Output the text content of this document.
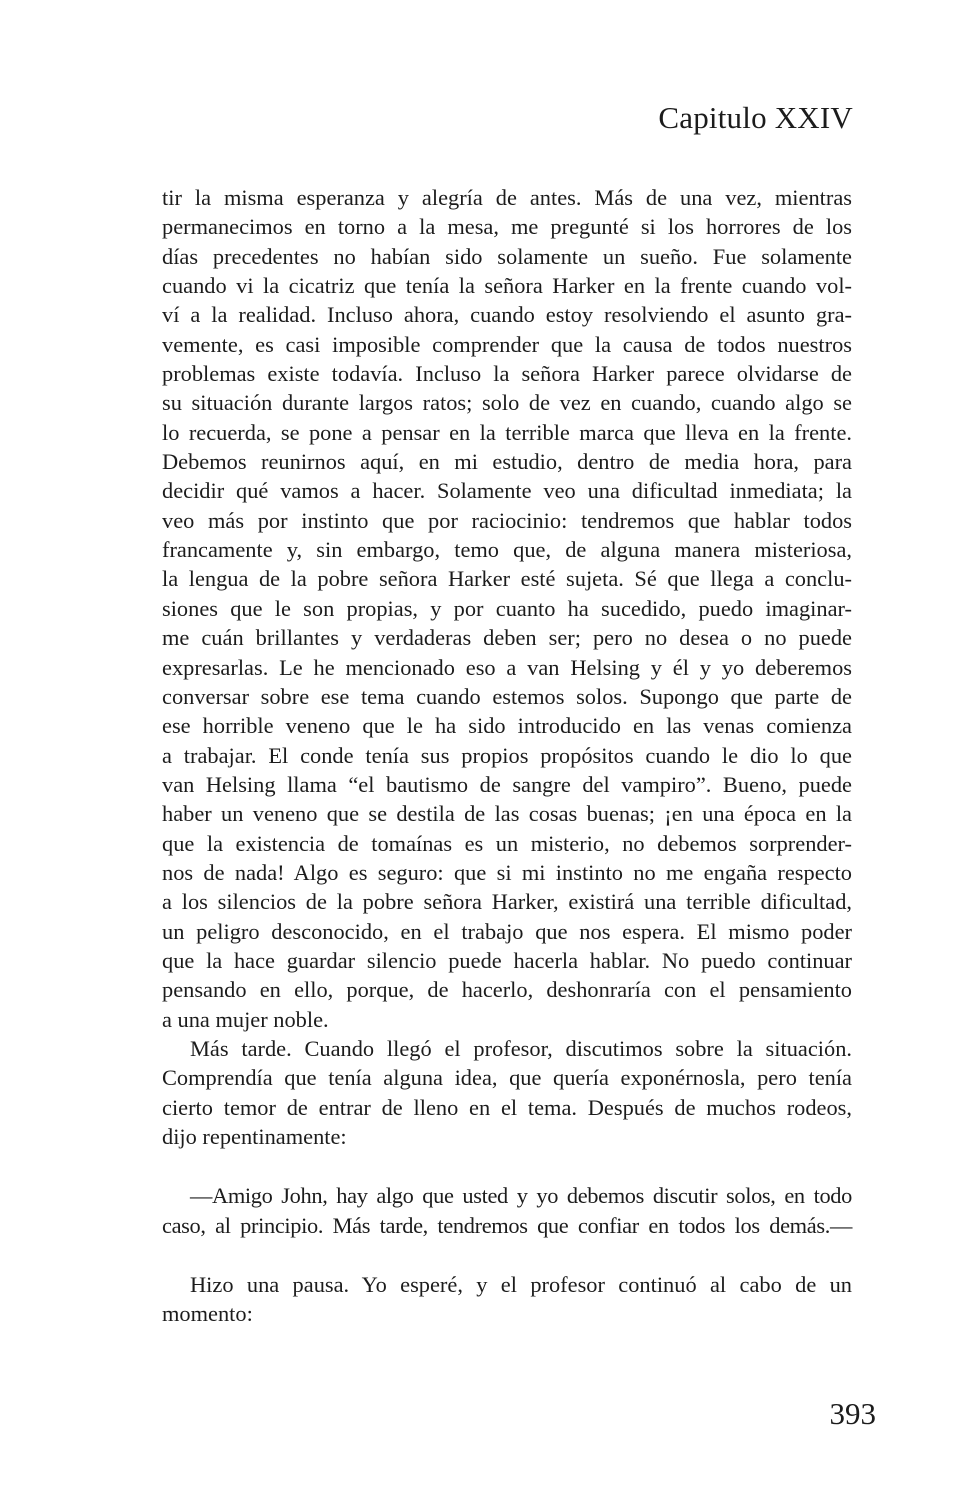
Capitulo XXIV
tir la misma esperanza y alegría de antes. Más de una vez, mientras
permanecimos en torno a la mesa, me pregunté si los horrores de los
días precedentes no habían sido solamente un sueño. Fue solamente
cuando vi la cicatriz que tenía la señora Harker en la frente cuando vol-
ví a la realidad. Incluso ahora, cuando estoy resolviendo el asunto gra-
vemente, es casi imposible comprender que la causa de todos nuestros
problemas existe todavía. Incluso la señora Harker parece olvidarse de
su situación durante largos ratos; solo de vez en cuando, cuando algo se
lo recuerda, se pone a pensar en la terrible marca que lleva en la frente.
Debemos reunirnos aquí, en mi estudio, dentro de media hora, para
decidir qué vamos a hacer. Solamente veo una dificultad inmediata; la
veo más por instinto que por raciocinio: tendremos que hablar todos
francamente y, sin embargo, temo que, de alguna manera misteriosa,
la lengua de la pobre señora Harker esté sujeta. Sé que llega a conclu-
siones que le son propias, y por cuanto ha sucedido, puedo imaginar-
me cuán brillantes y verdaderas deben ser; pero no desea o no puede
expresarlas. Le he mencionado eso a van Helsing y él y yo deberemos
conversar sobre ese tema cuando estemos solos. Supongo que parte de
ese horrible veneno que le ha sido introducido en las venas comienza
a trabajar. El conde tenía sus propios propósitos cuando le dio lo que
van Helsing llama “el bautismo de sangre del vampiro”. Bueno, puede
haber un veneno que se destila de las cosas buenas; ¡en una época en la
que la existencia de tomaínas es un misterio, no debemos sorprender-
nos de nada! Algo es seguro: que si mi instinto no me engaña respecto
a los silencios de la pobre señora Harker, existirá una terrible dificultad,
un peligro desconocido, en el trabajo que nos espera. El mismo poder
que la hace guardar silencio puede hacerla hablar. No puedo continuar
pensando en ello, porque, de hacerlo, deshonraría con el pensamiento
a una mujer noble.
Más tarde. Cuando llegó el profesor, discutimos sobre la situación.
Comprendía que tenía alguna idea, que quería exponérnosla, pero tenía
cierto temor de entrar de lleno en el tema. Después de muchos rodeos,
dijo repentinamente:
—Amigo John, hay algo que usted y yo debemos discutir solos, en todo
caso, al principio. Más tarde, tendremos que confiar en todos los demás.—
Hizo una pausa. Yo esperé, y el profesor continuó al cabo de un
momento:
393
